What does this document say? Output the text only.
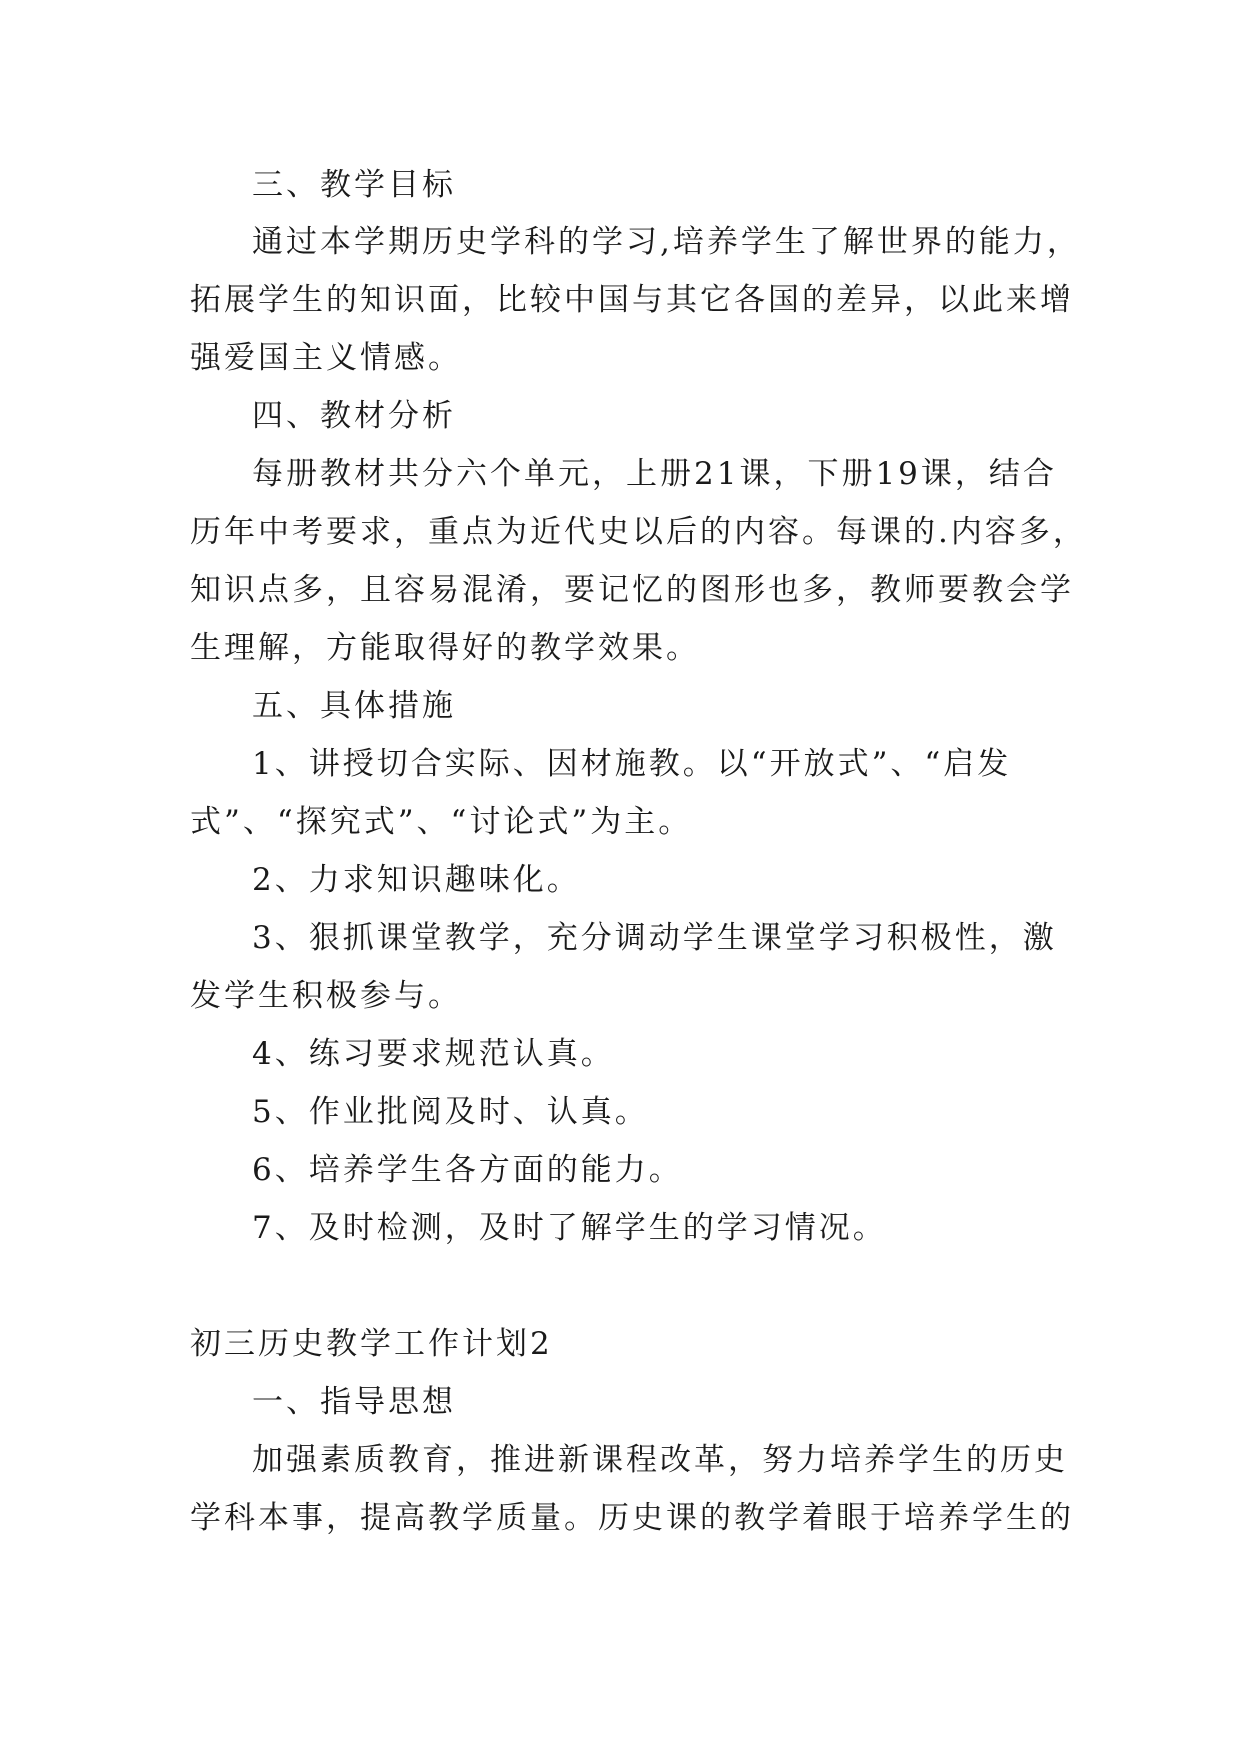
三、教学目标
通过本学期历史学科的学习,培养学生了解世界的能力，
拓展学生的知识面，比较中国与其它各国的差异，以此来增
强爱国主义情感。
四、教材分析
每册教材共分六个单元，上册21课，下册19课，结合
历年中考要求，重点为近代史以后的内容。每课的.内容多，
知识点多，且容易混淆，要记忆的图形也多，教师要教会学
生理解，方能取得好的教学效果。
五、具体措施
1、讲授切合实际、因材施教。以“开放式”、“启发
式”、“探究式”、“讨论式”为主。
2、力求知识趣味化。
3、狠抓课堂教学，充分调动学生课堂学习积极性，激
发学生积极参与。
4、练习要求规范认真。
5、作业批阅及时、认真。
6、培养学生各方面的能力。
7、及时检测，及时了解学生的学习情况。
初三历史教学工作计划2
一、指导思想
加强素质教育，推进新课程改革，努力培养学生的历史
学科本事，提高教学质量。历史课的教学着眼于培养学生的
